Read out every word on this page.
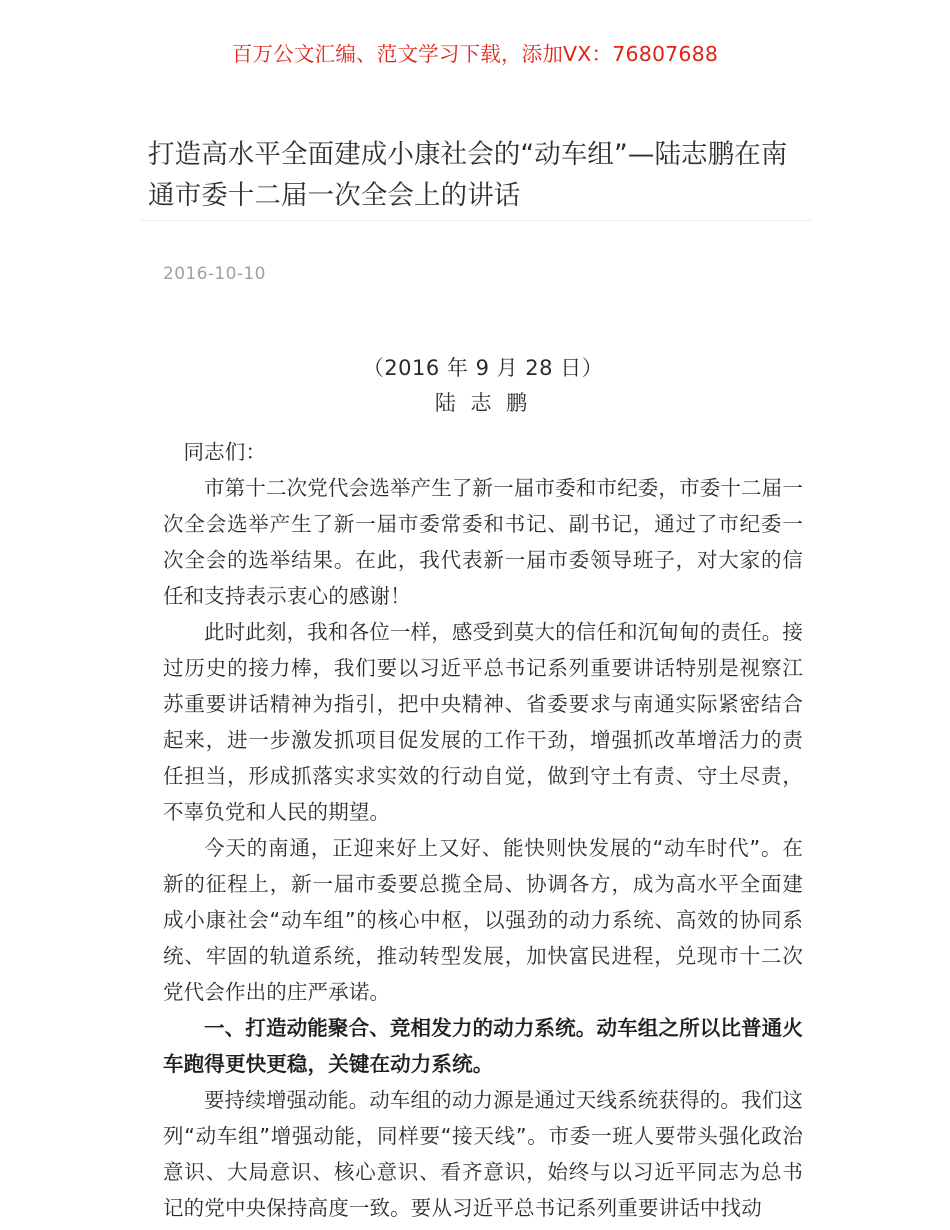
百万公文汇编、范文学习下载，添加VX：76807688
打造高水平全面建成小康社会的“动车组”—陆志鹏在南通市委十二届一次全会上的讲话
2016-10-10
（2016 年 9 月 28 日）
陆 志 鹏

同志们：

市第十二次党代会选举产生了新一届市委和市纪委，市委十二届一次全会选举产生了新一届市委常委和书记、副书记，通过了市纪委一次全会的选举结果。在此，我代表新一届市委领导班子，对大家的信任和支持表示衷心的感谢！

此时此刻，我和各位一样，感受到莫大的信任和沉甸甸的责任。接过历史的接力棒，我们要以习近平总书记系列重要讲话特别是视察江苏重要讲话精神为指引，把中央精神、省委要求与南通实际紧密结合起来，进一步激发抓项目促发展的工作干劲，增强抓改革增活力的责任担当，形成抓落实求实效的行动自觉，做到守土有责、守土尽责，不辜负党和人民的期望。

今天的南通，正迎来好上又好、能快则快发展的“动车时代”。在新的征程上，新一届市委要总揽全局、协调各方，成为高水平全面建成小康社会“动车组”的核心中枢，以强劲的动力系统、高效的协同系统、牢固的轨道系统，推动转型发展，加快富民进程，兑现市十二次党代会作出的庄严承诺。

一、打造动能聚合、竞相发力的动力系统。动车组之所以比普通火车跑得更快更稳，关键在动力系统。

要持续增强动能。动车组的动力源是通过天线系统获得的。我们这列“动车组”增强动能，同样要“接天线”。市委一班人要带头强化政治意识、大局意识、核心意识、看齐意识，始终与以习近平同志为总书记的党中央保持高度一致。要从习近平总书记系列重要讲话中找动
